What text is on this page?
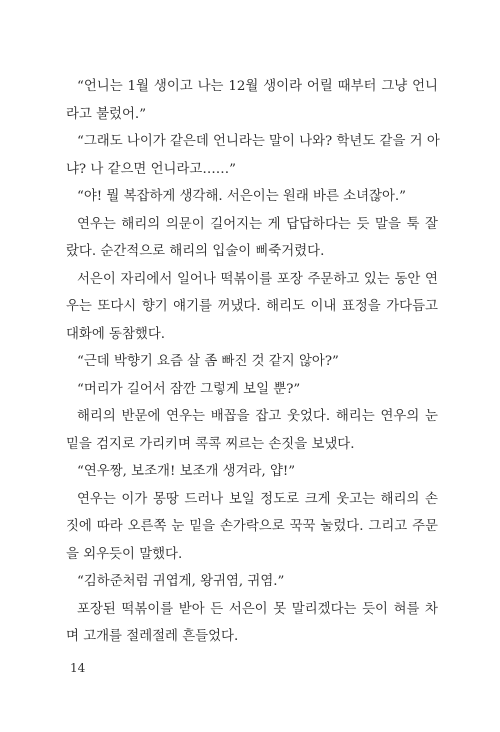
“언니는 1월 생이고 나는 12월 생이라 어릴 때부터 그냥 언니
라고 불렀어.”
“그래도 나이가 같은데 언니라는 말이 나와? 학년도 같을 거 아
냐? 나 같으면 언니라고……”
“야! 뭘 복잡하게 생각해. 서은이는 원래 바른 소녀잖아.”
연우는 해리의 의문이 길어지는 게 답답하다는 듯 말을 툭 잘
랐다. 순간적으로 해리의 입술이 삐죽거렸다.
서은이 자리에서 일어나 떡볶이를 포장 주문하고 있는 동안 연
우는 또다시 향기 얘기를 꺼냈다. 해리도 이내 표정을 가다듬고
대화에 동참했다.
“근데 박향기 요즘 살 좀 빠진 것 같지 않아?”
“머리가 길어서 잠깐 그렇게 보일 뿐?”
해리의 반문에 연우는 배꼽을 잡고 웃었다. 해리는 연우의 눈
밑을 검지로 가리키며 콕콕 찌르는 손짓을 보냈다.
“연우짱, 보조개! 보조개 생겨라, 얍!”
연우는 이가 몽땅 드러나 보일 정도로 크게 웃고는 해리의 손
짓에 따라 오른쪽 눈 밑을 손가락으로 꾹꾹 눌렀다. 그리고 주문
을 외우듯이 말했다.
“김하준처럼 귀엽게, 왕귀염, 귀염.”
포장된 떡볶이를 받아 든 서은이 못 말리겠다는 듯이 혀를 차
며 고개를 절레절레 흔들었다.
14
